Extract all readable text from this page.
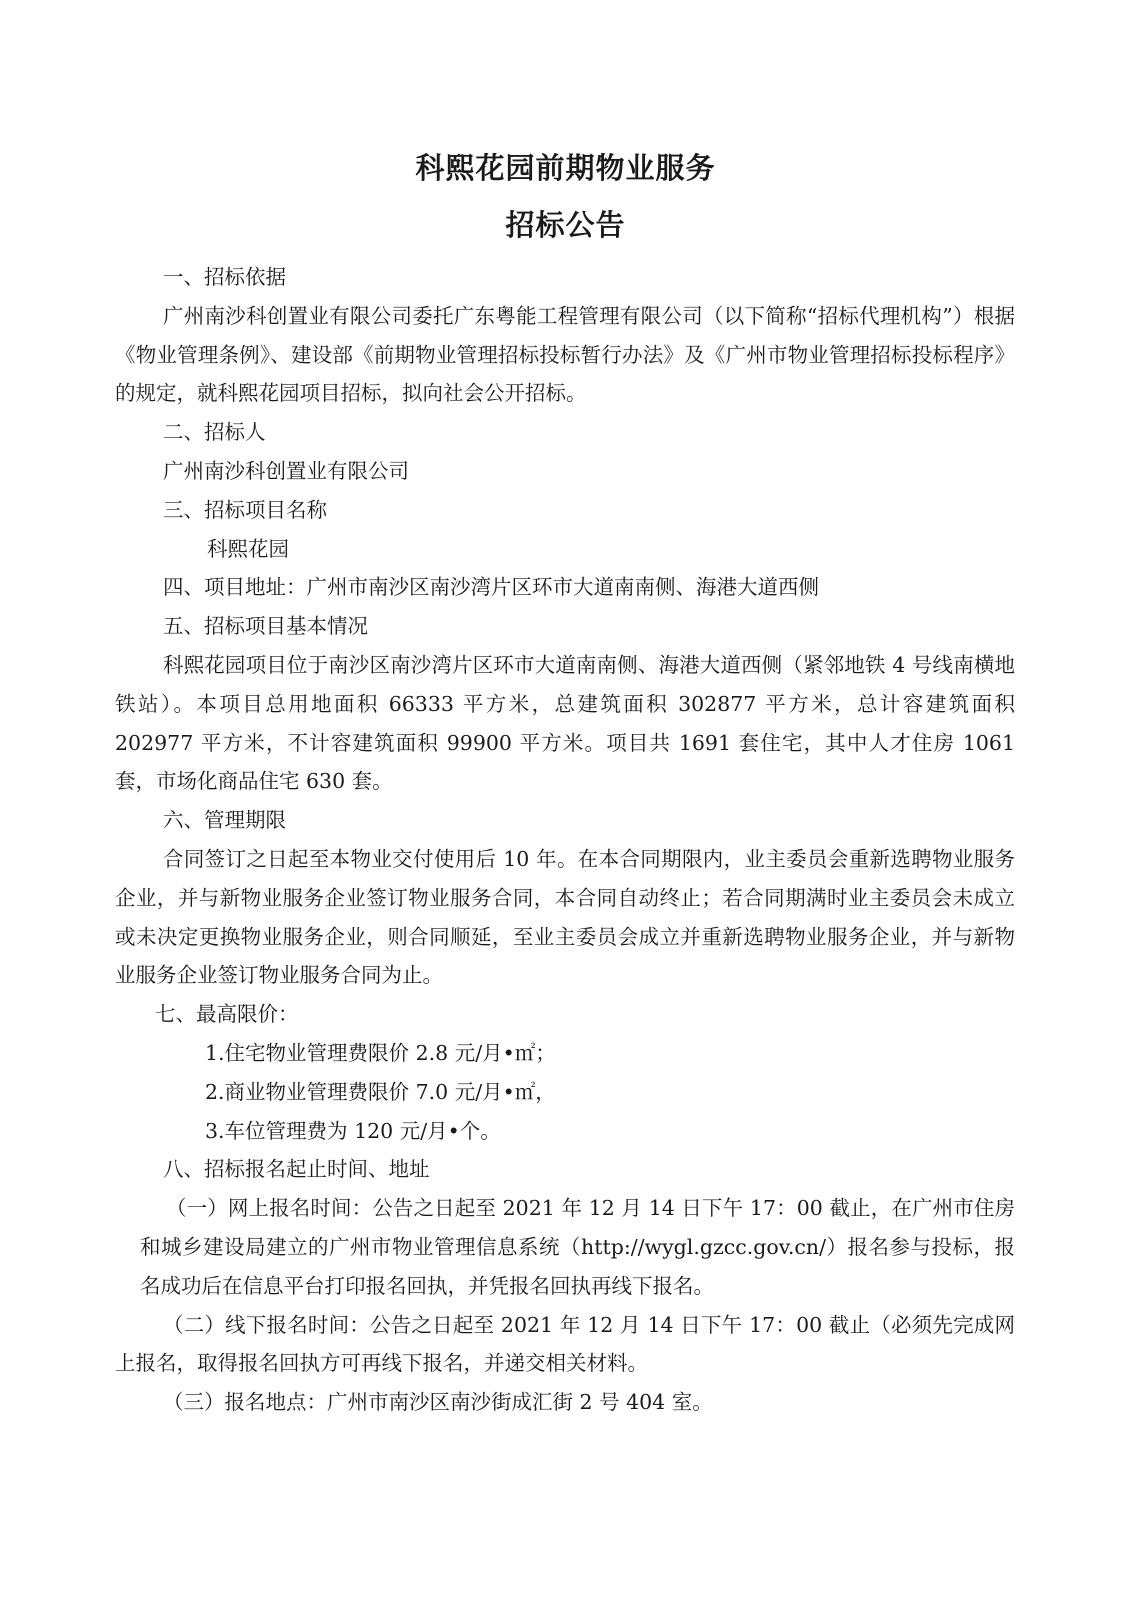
科熙花园前期物业服务
招标公告

一、招标依据

广州南沙科创置业有限公司委托广东粤能工程管理有限公司（以下简称“招标代理机构”）根据《物业管理条例》、建设部《前期物业管理招标投标暂行办法》及《广州市物业管理招标投标程序》的规定，就科熙花园项目招标，拟向社会公开招标。

二、招标人

广州南沙科创置业有限公司

三、招标项目名称

科熙花园

四、项目地址：广州市南沙区南沙湾片区环市大道南南侧、海港大道西侧

五、招标项目基本情况

科熙花园项目位于南沙区南沙湾片区环市大道南南侧、海港大道西侧（紧邻地铁 4 号线南横地铁站）。本项目总用地面积 66333 平方米，总建筑面积 302877 平方米，总计容建筑面积 202977 平方米，不计容建筑面积 99900 平方米。项目共 1691 套住宅，其中人才住房 1061 套，市场化商品住宅 630 套。

六、管理期限

合同签订之日起至本物业交付使用后 10 年。在本合同期限内，业主委员会重新选聘物业服务企业，并与新物业服务企业签订物业服务合同，本合同自动终止；若合同期满时业主委员会未成立或未决定更换物业服务企业，则合同顺延，至业主委员会成立并重新选聘物业服务企业，并与新物业服务企业签订物业服务合同为止。

七、最高限价：

1.住宅物业管理费限价 2.8 元/月•㎡；

2.商业物业管理费限价 7.0 元/月•㎡，

3.车位管理费为 120 元/月•个。

八、招标报名起止时间、地址

（一）网上报名时间：公告之日起至 2021 年 12 月 14 日下午 17：00 截止，在广州市住房和城乡建设局建立的广州市物业管理信息系统（http://wygl.gzcc.gov.cn/）报名参与投标，报名成功后在信息平台打印报名回执，并凭报名回执再线下报名。

（二）线下报名时间：公告之日起至 2021 年 12 月 14 日下午 17：00 截止（必须先完成网上报名，取得报名回执方可再线下报名，并递交相关材料。

（三）报名地点：广州市南沙区南沙街成汇街 2 号 404 室。
